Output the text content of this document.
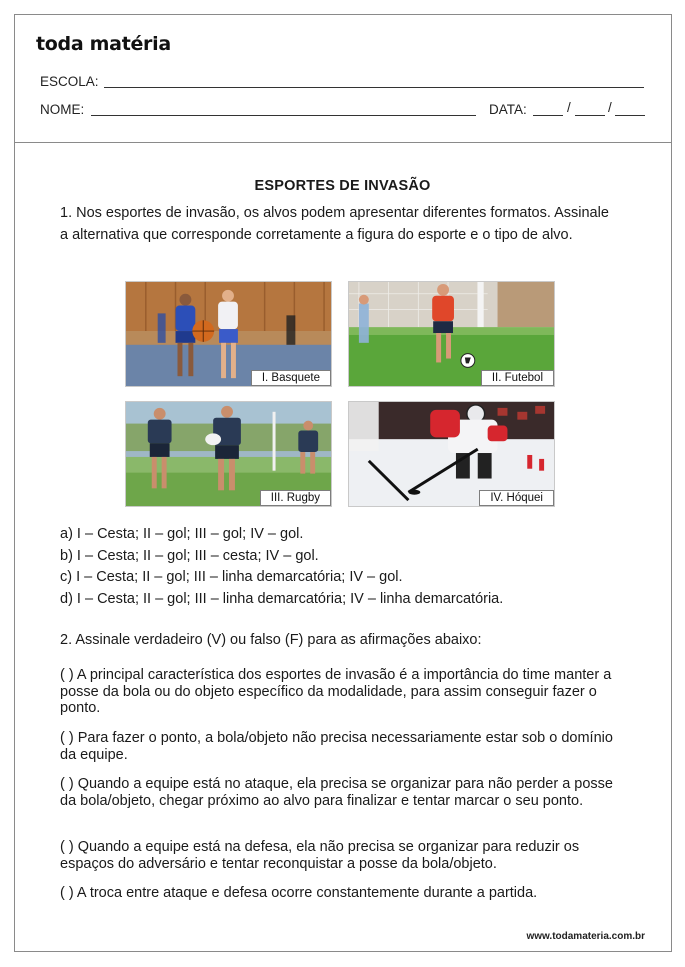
toda matéria
ESCOLA:
NOME:	DATA:	/	/
ESPORTES DE INVASÃO
1. Nos esportes de invasão, os alvos podem apresentar diferentes formatos. Assinale a alternativa que corresponde corretamente a figura do esporte e o tipo de alvo.
I. Basquete	II. Futebol
III. Rugby	IV. Hóquei
a) I – Cesta; II – gol; III – gol; IV – gol.
b) I – Cesta; II – gol; III – cesta; IV – gol.
c) I – Cesta; II – gol; III – linha demarcatória; IV – gol.
d) I – Cesta; II – gol; III – linha demarcatória; IV – linha demarcatória.
2. Assinale verdadeiro (V) ou falso (F) para as afirmações abaixo:
( ) A principal característica dos esportes de invasão é a importância do time manter a posse da bola ou do objeto específico da modalidade, para assim conseguir fazer o ponto.
( ) Para fazer o ponto, a bola/objeto não precisa necessariamente estar sob o domínio da equipe.
( ) Quando a equipe está no ataque, ela precisa se organizar para não perder a posse da bola/objeto, chegar próximo ao alvo para finalizar e tentar marcar o seu ponto.
( ) Quando a equipe está na defesa, ela não precisa se organizar para reduzir os espaços do adversário e tentar reconquistar a posse da bola/objeto.
( ) A troca entre ataque e defesa ocorre constantemente durante a partida.
www.todamateria.com.br
